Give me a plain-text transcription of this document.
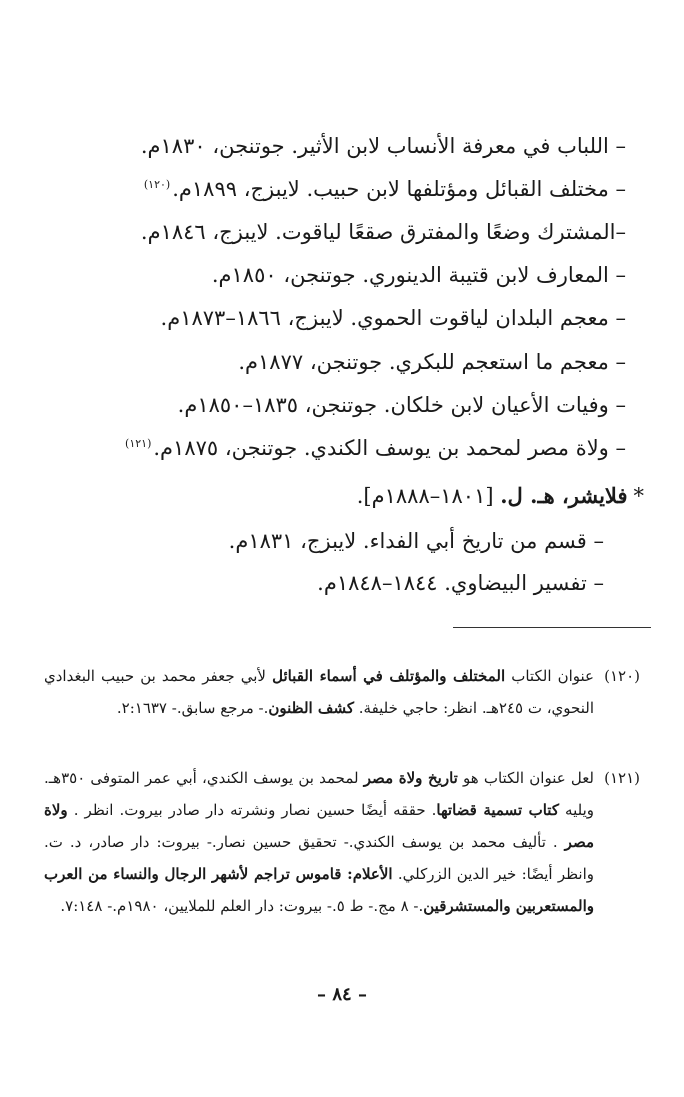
– اللباب في معرفة الأنساب لابن الأثير. جوتنجن، ١٨٣٠م.
– مختلف القبائل ومؤتلفها لابن حبيب. لايبزج، ١٨٩٩م.$^{(١٢٠)}$
–المشترك وضعًا والمفترق صقعًا لياقوت. لايبزج، ١٨٤٦م.
– المعارف لابن قتيبة الدينوري. جوتنجن، ١٨٥٠م.
– معجم البلدان لياقوت الحموي. لايبزج، ١٨٦٦–١٨٧٣م.
– معجم ما استعجم للبكري. جوتنجن، ١٨٧٧م.
– وفيات الأعيان لابن خلكان. جوتنجن، ١٨٣٥–١٨٥٠م.
– ولاة مصر لمحمد بن يوسف الكندي. جوتنجن، ١٨٧٥م.$^{(١٢١)}$
*فلايشر، هـ. ل. [١٨٠١–١٨٨٨م].
– قسم من تاريخ أبي الفداء. لايبزج، ١٨٣١م.
– تفسير البيضاوي. ١٨٤٤–١٨٤٨م.
(١٢٠)
عنوان الكتاب المختلف والمؤتلف في أسماء القبائل لأبي جعفر محمد بن حبيب البغدادي النحوي، ت ٢٤٥هـ. انظر: حاجي خليفة. كشف الظنون.- مرجع سابق.- ٢:١٦٣٧.
(١٢١)
لعل عنوان الكتاب هو تاريخ ولاة مصر لمحمد بن يوسف الكندي، أبي عمر المتوفى ٣٥٠هـ. ويليه كتاب تسمية قضاتها. حققه أيضًا حسين نصار ونشرته دار صادر بيروت. انظر . ولاة مصر . تأليف محمد بن يوسف الكندي.- تحقيق حسين نصار.- بيروت: دار صادر، د. ت. وانظر أيضًا: خير الدين الزركلي. الأعلام: قاموس تراجم لأشهر الرجال والنساء من العرب والمستعربين والمستشرقين.- ٨ مج.- ط ٥.- بيروت: دار العلم للملايين، ١٩٨٠م.- ٧:١٤٨.
– ٨٤ –
